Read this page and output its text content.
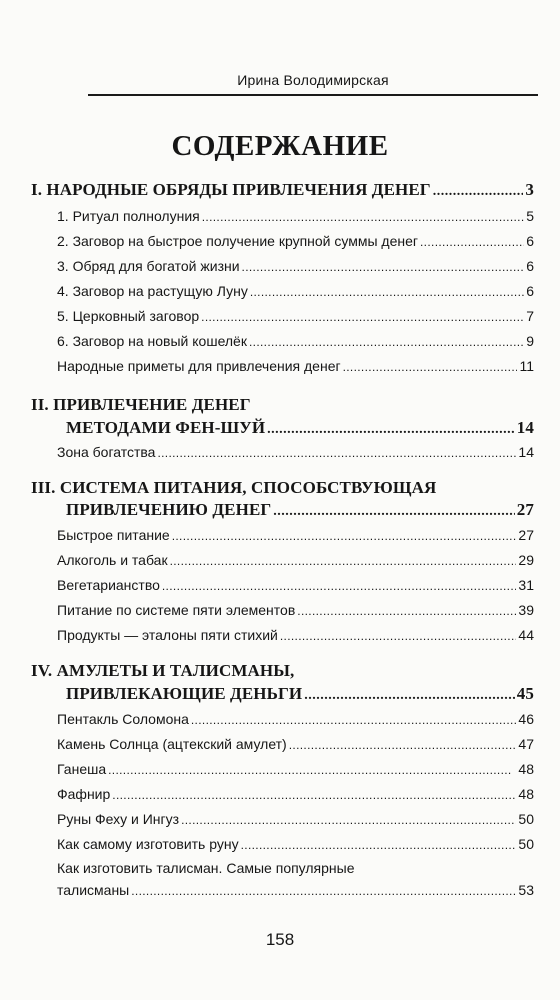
Ирина Володимирская
СОДЕРЖАНИЕ
I. НАРОДНЫЕ ОБРЯДЫ ПРИВЛЕЧЕНИЯ ДЕНЕГ . . .	3
1. Ритуал полнолуния . . .	5
2. Заговор на быстрое получение крупной суммы денег . . .	6
3. Обряд для богатой жизни . . .	6
4. Заговор на растущую Луну . . .	6
5. Церковный заговор . . .	7
6. Заговор на новый кошелёк . . .	9
Народные приметы для привлечения денег . . .	11
II. ПРИВЛЕЧЕНИЕ ДЕНЕГ
МЕТОДАМИ ФЕН-ШУЙ . . .	14
Зона богатства . . .	14
III. СИСТЕМА ПИТАНИЯ, СПОСОБСТВУЮЩАЯ
ПРИВЛЕЧЕНИЮ ДЕНЕГ . . .	27
Быстрое питание . . .	27
Алкоголь и табак . . .	29
Вегетарианство . . .	31
Питание по системе пяти элементов . . .	39
Продукты — эталоны пяти стихий . . .	44
IV. АМУЛЕТЫ И ТАЛИСМАНЫ,
ПРИВЛЕКАЮЩИЕ ДЕНЬГИ . . .	45
Пентакль Соломона . . .	46
Камень Солнца (ацтекский амулет) . . .	47
Ганеша . . .	48
Фафнир . . .	48
Руны Феху и Ингуз . . .	50
Как самому изготовить руну . . .	50
Как изготовить талисман. Самые популярные
талисманы . . .	53
158
